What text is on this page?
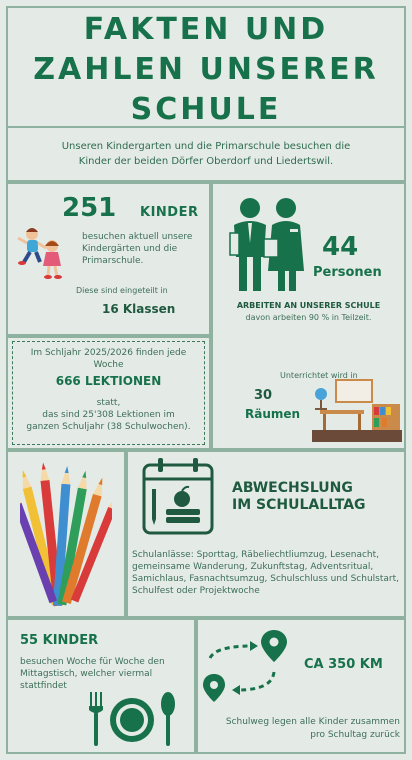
FAKTEN UND
ZAHLEN UNSERER
SCHULE
Unseren Kindergarten und die Primarschule besuchen die
Kinder der beiden Dörfer Oberdorf und Liedertswil.
251 KINDER
besuchen aktuell unsere
Kindergärten und die
Primarschule.
Diese sind eingeteilt in
16 Klassen
44
Personen
ARBEITEN AN UNSERER SCHULE
davon arbeiten 90 % in Teilzeit.
Im Schljahr 2025/2026 finden jede
Woche
666 LEKTIONEN
statt,
das sind 25'308 Lektionen im
ganzen Schuljahr (38 Schulwochen).
Unterrichtet wird in
30
Räumen
ABWECHSLUNG
IM SCHULALLTAG
Schulanlässe: Sporttag, Räbeliechtliumzug, Lesenacht,
gemeinsame Wanderung, Zukunftstag, Adventsritual,
Samichlaus, Fasnachtsumzug, Schulschluss und Schulstart,
Schulfest oder Projektwoche
55 KINDER
besuchen Woche für Woche den
Mittagstisch, welcher viermal
stattfindet
CA 350 KM
Schulweg legen alle Kinder zusammen
pro Schultag zurück
